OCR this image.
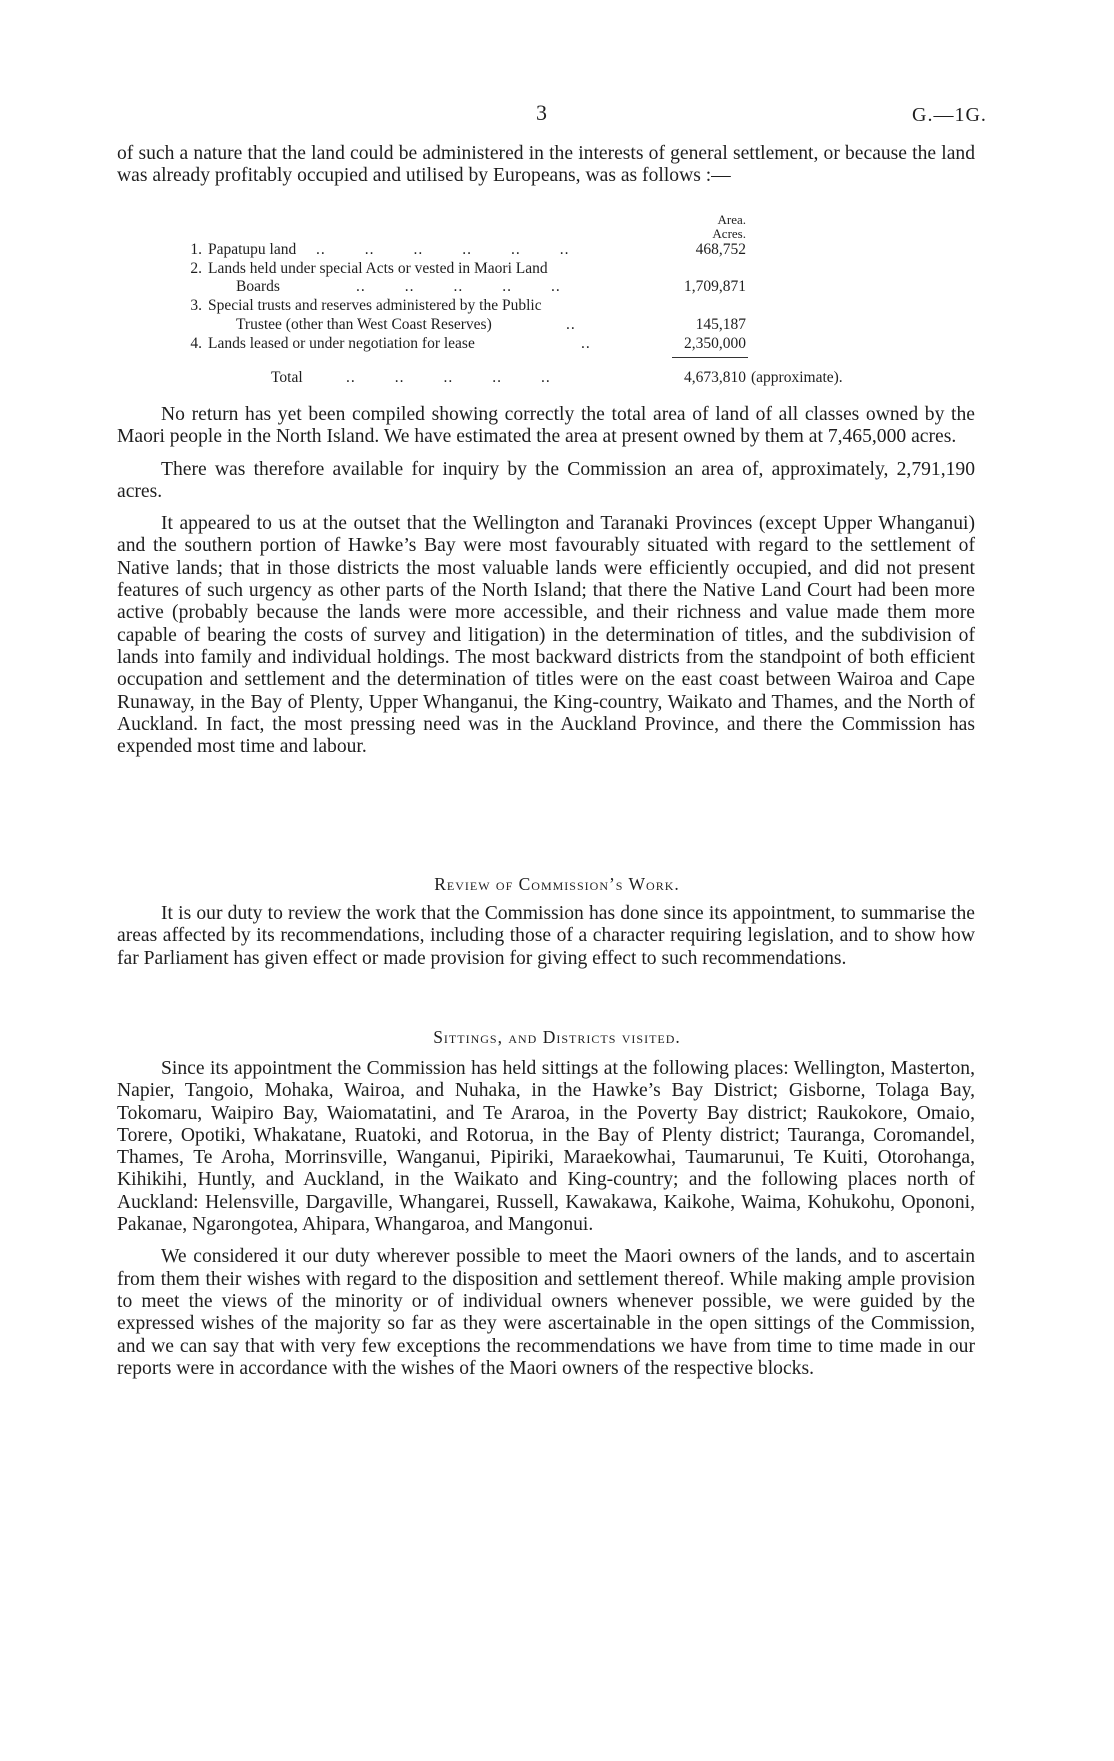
3	G.—1G.

of such a nature that the land could be administered in the interests of general settlement, or because the land was already profitably occupied and utilised by Europeans, was as follows :—

Area.
Acres.
1. Papatupu land ..        ..        ..        ..        ..        ..	468,752
2. Lands held under special Acts or vested in Maori Land
Boards	..        ..        ..        ..        ..	1,709,871
3. Special trusts and reserves administered by the Public
Trustee (other than West Coast Reserves)	..	145,187
4. Lands leased or under negotiation for lease	..	2,350,000
Total	..        ..        ..        ..        ..	4,673,810 (approximate).

No return has yet been compiled showing correctly the total area of land of all classes owned by the Maori people in the North Island. We have estimated the area at present owned by them at 7,465,000 acres.

There was therefore available for inquiry by the Commission an area of, approximately, 2,791,190 acres.

It appeared to us at the outset that the Wellington and Taranaki Provinces (except Upper Whanganui) and the southern portion of Hawke’s Bay were most favourably situated with regard to the settlement of Native lands; that in those districts the most valuable lands were efficiently occupied, and did not present features of such urgency as other parts of the North Island; that there the Native Land Court had been more active (probably because the lands were more accessible, and their richness and value made them more capable of bearing the costs of survey and litigation) in the determination of titles, and the subdivision of lands into family and individual holdings. The most backward districts from the standpoint of both efficient occupation and settlement and the determination of titles were on the east coast between Wairoa and Cape Runaway, in the Bay of Plenty, Upper Whanganui, the King-country, Waikato and Thames, and the North of Auckland. In fact, the most pressing need was in the Auckland Province, and there the Commission has expended most time and labour.

Review of Commission’s Work.

It is our duty to review the work that the Commission has done since its appointment, to summarise the areas affected by its recommendations, including those of a character requiring legislation, and to show how far Parliament has given effect or made provision for giving effect to such recommendations.

Sittings, and Districts visited.

Since its appointment the Commission has held sittings at the following places: Wellington, Masterton, Napier, Tangoio, Mohaka, Wairoa, and Nuhaka, in the Hawke’s Bay District; Gisborne, Tolaga Bay, Tokomaru, Waipiro Bay, Waiomatatini, and Te Araroa, in the Poverty Bay district; Raukokore, Omaio, Torere, Opotiki, Whakatane, Ruatoki, and Rotorua, in the Bay of Plenty district; Tauranga, Coromandel, Thames, Te Aroha, Morrinsville, Wanganui, Pipiriki, Maraekowhai, Taumarunui, Te Kuiti, Otorohanga, Kihikihi, Huntly, and Auckland, in the Waikato and King-country; and the following places north of Auckland: Helensville, Dargaville, Whangarei, Russell, Kawakawa, Kaikohe, Waima, Kohukohu, Opononi, Pakanae, Ngarongotea, Ahipara, Whangaroa, and Mangonui.

We considered it our duty wherever possible to meet the Maori owners of the lands, and to ascertain from them their wishes with regard to the disposition and settlement thereof. While making ample provision to meet the views of the minority or of individual owners whenever possible, we were guided by the expressed wishes of the majority so far as they were ascertainable in the open sittings of the Commission, and we can say that with very few exceptions the recommendations we have from time to time made in our reports were in accordance with the wishes of the Maori owners of the respective blocks.
